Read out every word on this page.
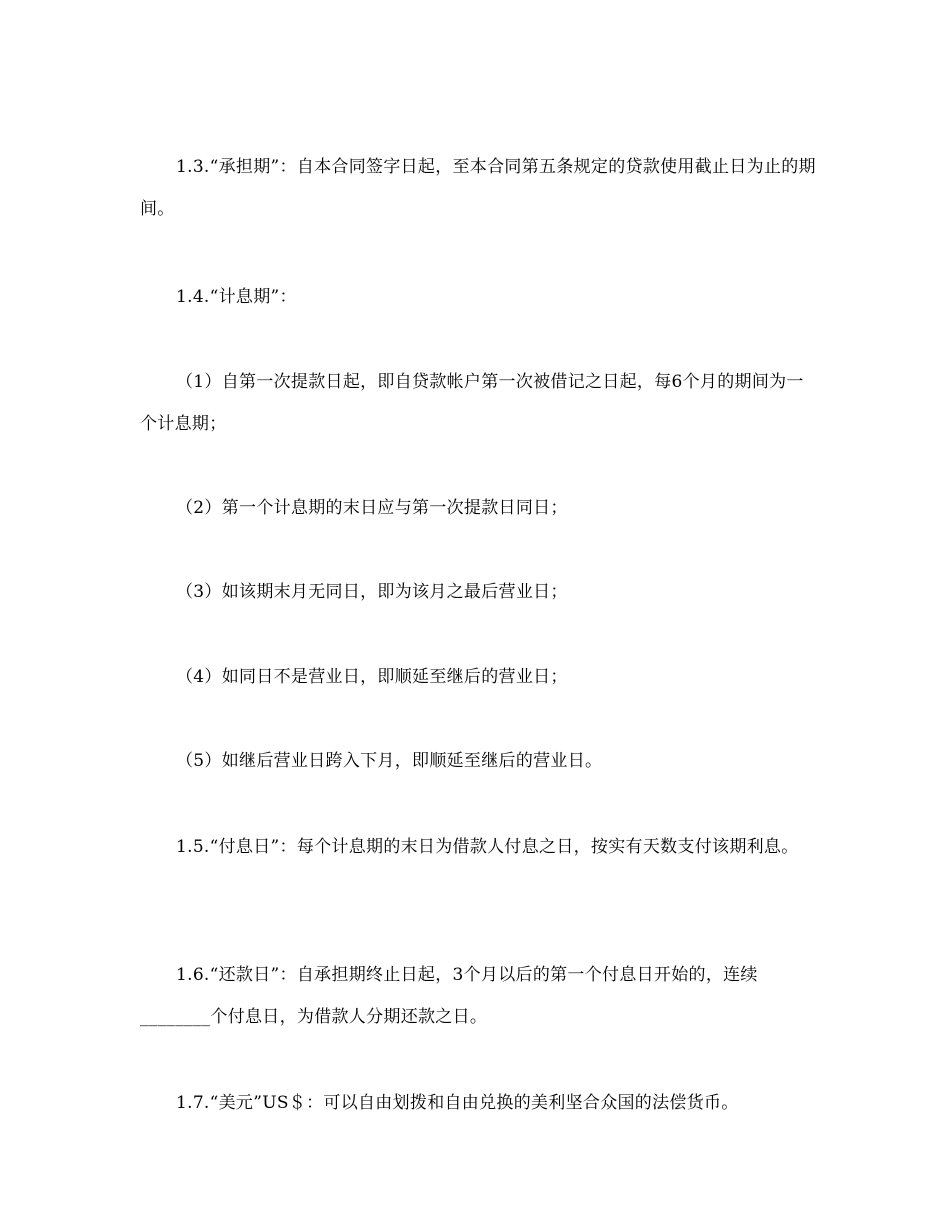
1.3.“承担期”：自本合同签字日起，至本合同第五条规定的贷款使用截止日为止的期间。
1.4.“计息期”：
（1）自第一次提款日起，即自贷款帐户第一次被借记之日起，每6个月的期间为一个计息期；
（2）第一个计息期的末日应与第一次提款日同日；
（3）如该期末月无同日，即为该月之最后营业日；
（4）如同日不是营业日，即顺延至继后的营业日；
（5）如继后营业日跨入下月，即顺延至继后的营业日。
1.5.“付息日”：每个计息期的末日为借款人付息之日，按实有天数支付该期利息。
1.6.“还款日”：自承担期终止日起，3个月以后的第一个付息日开始的，连续________个付息日，为借款人分期还款之日。
1.7.“美元”US＄：可以自由划拨和自由兑换的美利坚合众国的法偿货币。
